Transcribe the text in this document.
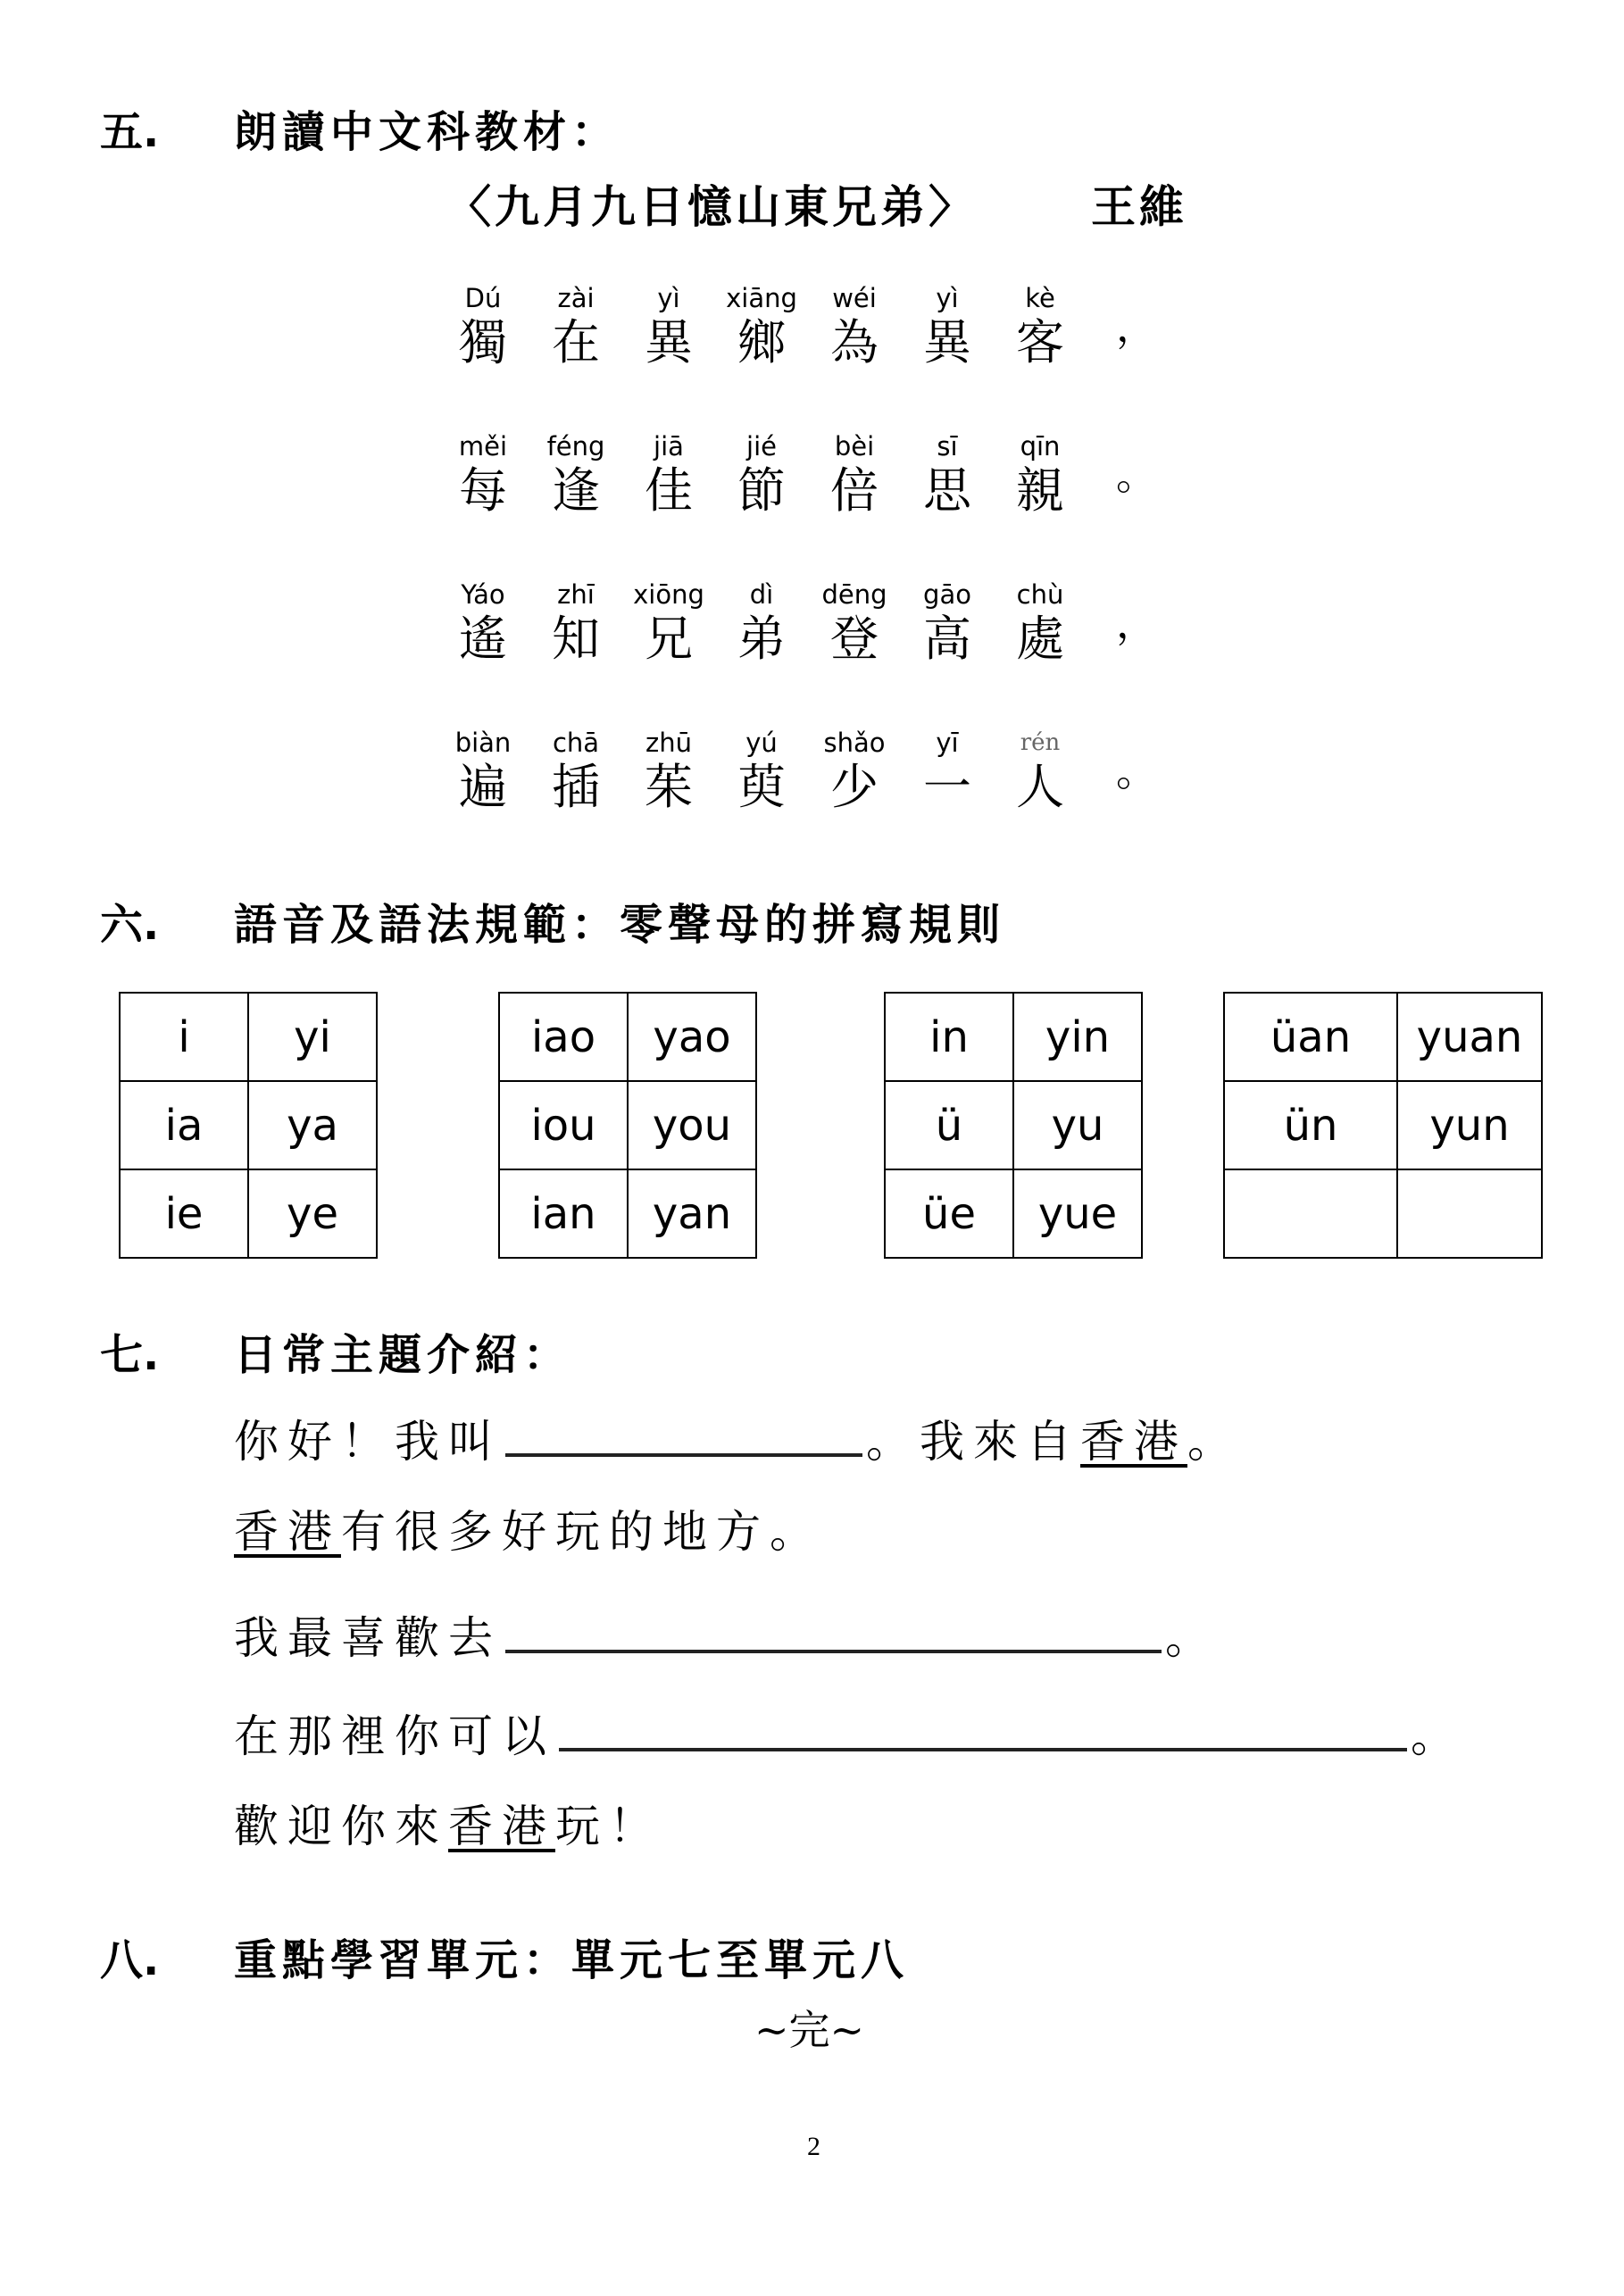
五. 朗讀中文科教材：
〈九月九日憶山東兄弟〉	王維
Dú	zài	yì	xiāng	wéi	yì	kè
獨 在 異 鄉 為 異 客	，
měi	féng	jiā	jié	bèi	sī	qīn
每 逢 佳 節 倍 思 親	。
Yáo	zhī	xiōng	dì	dēng	gāo	chù
遙 知 兄 弟 登 高 處	，
biàn	chā	zhū	yú	shǎo	yī	rén
遍 插 茱 萸 少 一 人	。
六. 語音及語法規範：零聲母的拼寫規則
i	yi
ia	ya
ie	ye
iao	yao
iou	you
ian	yan
in	yin
ü	yu
üe	yue
üan	yuan
ün	yun

七. 日常主題介紹：
你好！我叫	。我來自香港。
香港有很多好玩的地方。
我最喜歡去	。
在那裡你可以	。
歡迎你來香港玩！
八. 重點學習單元：單元七至單元八
~完~
2
